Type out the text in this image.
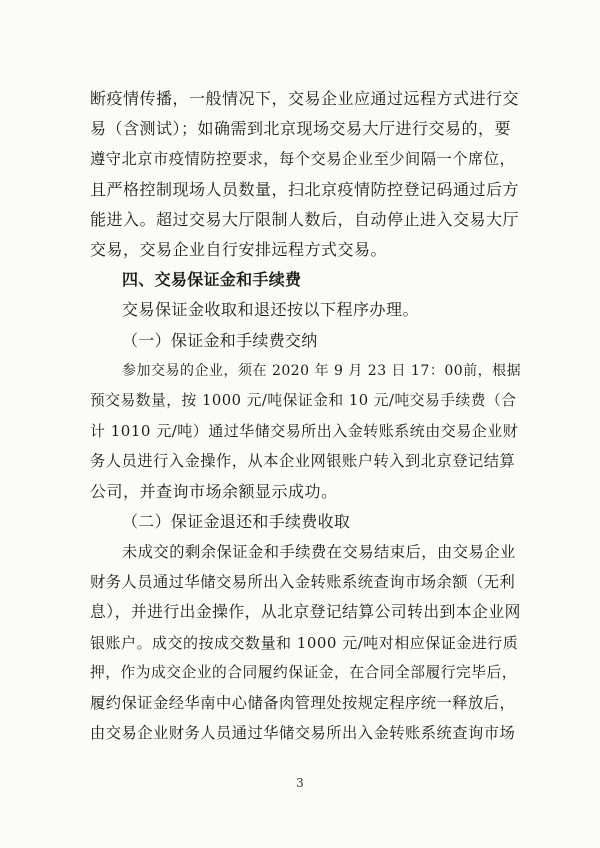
断疫情传播，一般情况下，交易企业应通过远程方式进行交
易（含测试）；如确需到北京现场交易大厅进行交易的，要
遵守北京市疫情防控要求，每个交易企业至少间隔一个席位，
且严格控制现场人员数量，扫北京疫情防控登记码通过后方
能进入。超过交易大厅限制人数后，自动停止进入交易大厅
交易，交易企业自行安排远程方式交易。
四、交易保证金和手续费
交易保证金收取和退还按以下程序办理。
（一）保证金和手续费交纳
参加交易的企业，须在 2020 年 9 月 23 日 17：00前，根据
预交易数量，按 1000 元/吨保证金和 10 元/吨交易手续费（合
计 1010 元/吨）通过华储交易所出入金转账系统由交易企业财
务人员进行入金操作，从本企业网银账户转入到北京登记结算
公司，并查询市场余额显示成功。
（二）保证金退还和手续费收取
未成交的剩余保证金和手续费在交易结束后，由交易企业
财务人员通过华储交易所出入金转账系统查询市场余额（无利
息），并进行出金操作，从北京登记结算公司转出到本企业网
银账户。成交的按成交数量和 1000 元/吨对相应保证金进行质
押，作为成交企业的合同履约保证金，在合同全部履行完毕后，
履约保证金经华南中心储备肉管理处按规定程序统一释放后，
由交易企业财务人员通过华储交易所出入金转账系统查询市场
3
